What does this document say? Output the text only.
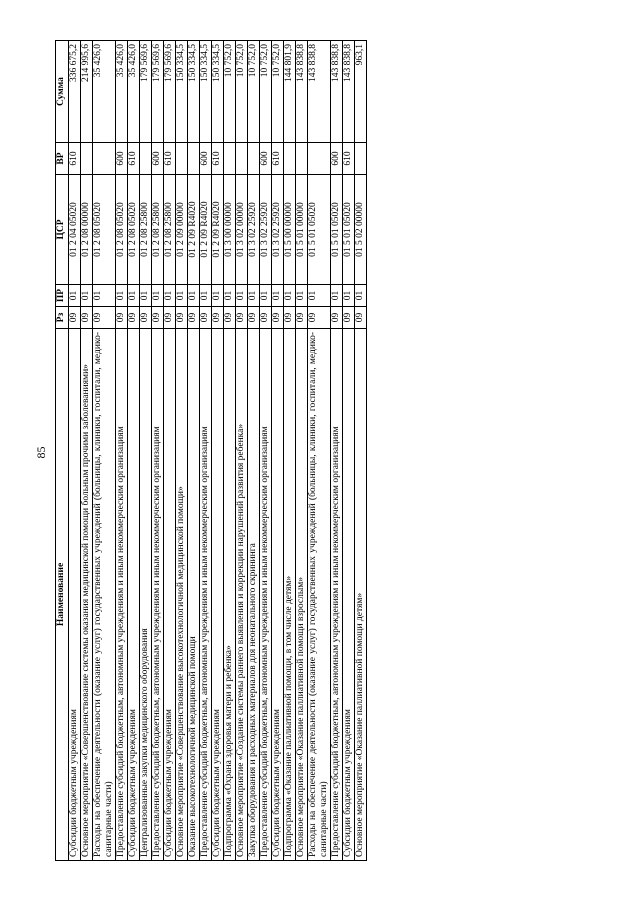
85
Наименование	Рз	ПР	ЦСР	ВР	Сумма
Субсидии бюджетным учреждениям	09	01	01 2 04 05020	610	336 675,2
Основное мероприятие «Совершенствование системы оказания медицинской помощи больным прочими заболеваниями»	09	01	01 2 08 00000		214 995,6
Расходы на обеспечение деятельности (оказание услуг) государственных учреждений (больницы, клиники, госпитали, медико-санитарные части)	09	01	01 2 08 05020		35 426,0
Предоставление субсидий бюджетным, автономным учреждениям и иным некоммерческим организациям	09	01	01 2 08 05020	600	35 426,0
Субсидии бюджетным учреждениям	09	01	01 2 08 05020	610	35 426,0
Централизованные закупки медицинского оборудования	09	01	01 2 08 25800		179 569,6
Предоставление субсидий бюджетным, автономным учреждениям и иным некоммерческим организациям	09	01	01 2 08 25800	600	179 569,6
Субсидии бюджетным учреждениям	09	01	01 2 08 25800	610	179 569,6
Основное мероприятие «Совершенствование высокотехнологичной медицинской помощи»	09	01	01 2 09 00000		150 334,5
Оказание высокотехнологичной медицинской помощи	09	01	01 2 09 R4020		150 334,5
Предоставление субсидий бюджетным, автономным учреждениям и иным некоммерческим организациям	09	01	01 2 09 R4020	600	150 334,5
Субсидии бюджетным учреждениям	09	01	01 2 09 R4020	610	150 334,5
Подпрограмма «Охрана здоровья матери и ребенка»	09	01	01 3 00 00000		10 752,0
Основное мероприятие «Создание системы раннего выявления и коррекции нарушений развития ребенка»	09	01	01 3 02 00000		10 752,0
Закупка оборудования и расходных материалов для неонатального скрининга	09	01	01 3 02 25920		10 752,0
Предоставление субсидий бюджетным, автономным учреждениям и иным некоммерческим организациям	09	01	01 3 02 25920	600	10 752,0
Субсидии бюджетным учреждениям	09	01	01 3 02 25920	610	10 752,0
Подпрограмма «Оказание паллиативной помощи, в том числе детям»	09	01	01 5 00 00000		144 801,9
Основное мероприятие «Оказание паллиативной помощи взрослым»	09	01	01 5 01 00000		143 838,8
Расходы на обеспечение деятельности (оказание услуг) государственных учреждений (больницы, клиники, госпитали, медико-санитарные части)	09	01	01 5 01 05020		143 838,8
Предоставление субсидий бюджетным, автономным учреждениям и иным некоммерческим организациям	09	01	01 5 01 05020	600	143 838,8
Субсидии бюджетным учреждениям	09	01	01 5 01 05020	610	143 838,8
Основное мероприятие «Оказание паллиативной помощи детям»	09	01	01 5 02 00000		963,1
